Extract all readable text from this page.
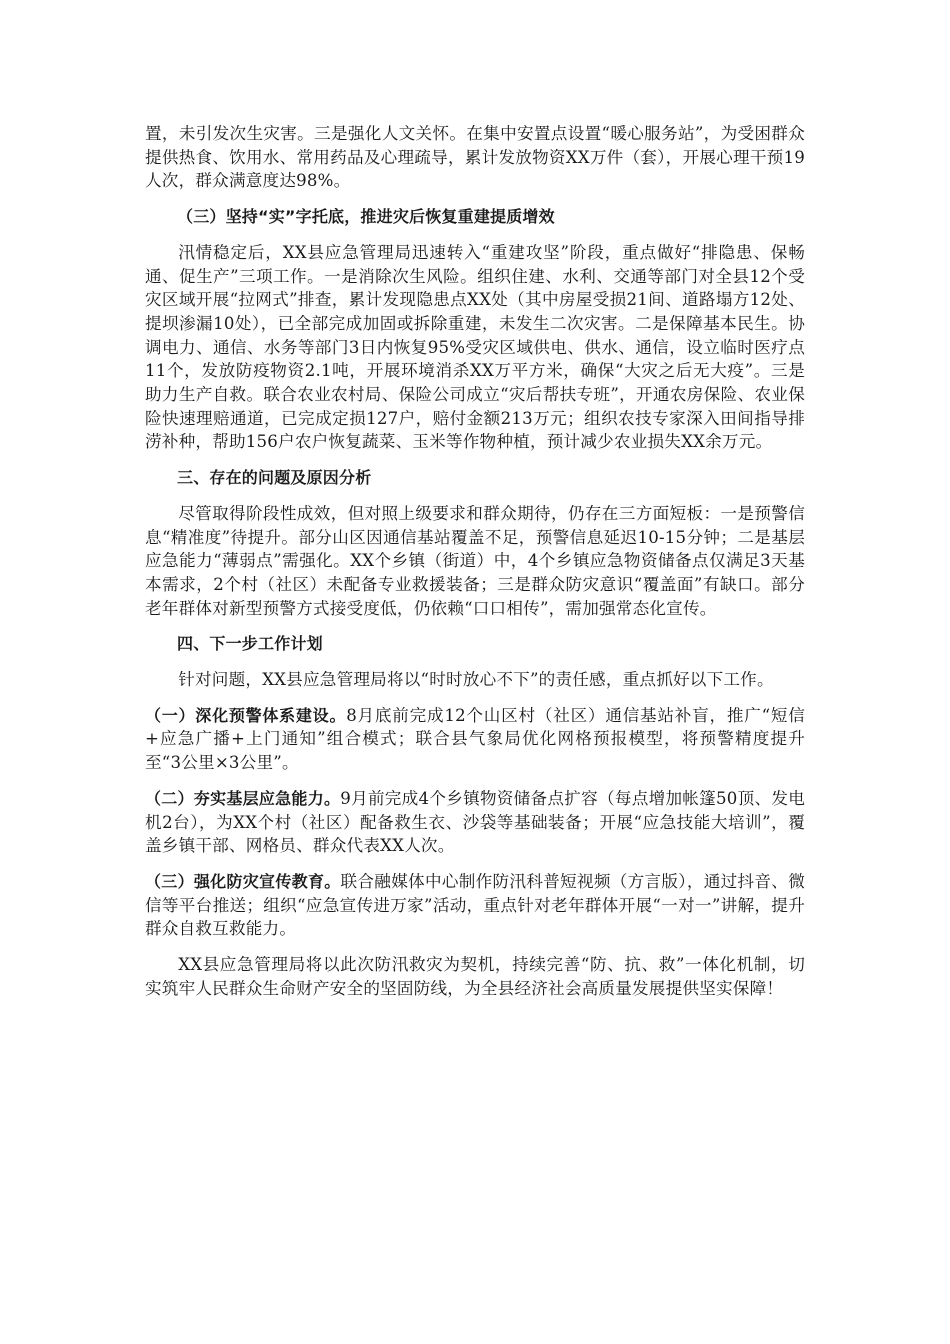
置，未引发次生灾害。三是强化人文关怀。在集中安置点设置“暖心服务站”，为受困群众提供热食、饮用水、常用药品及心理疏导，累计发放物资XX万件（套），开展心理干预19人次，群众满意度达98%。

（三）坚持“实”字托底，推进灾后恢复重建提质增效

汛情稳定后，XX县应急管理局迅速转入“重建攻坚”阶段，重点做好“排隐患、保畅通、促生产”三项工作。一是消除次生风险。组织住建、水利、交通等部门对全县12个受灾区域开展“拉网式”排查，累计发现隐患点XX处（其中房屋受损21间、道路塌方12处、提坝渗漏10处），已全部完成加固或拆除重建，未发生二次灾害。二是保障基本民生。协调电力、通信、水务等部门3日内恢复95%受灾区域供电、供水、通信，设立临时医疗点11个，发放防疫物资2.1吨，开展环境消杀XX万平方米，确保“大灾之后无大疫”。三是助力生产自救。联合农业农村局、保险公司成立“灾后帮扶专班”，开通农房保险、农业保险快速理赔通道，已完成定损127户，赔付金额213万元；组织农技专家深入田间指导排涝补种，帮助156户农户恢复蔬菜、玉米等作物种植，预计减少农业损失XX余万元。

三、存在的问题及原因分析

尽管取得阶段性成效，但对照上级要求和群众期待，仍存在三方面短板：一是预警信息“精准度”待提升。部分山区因通信基站覆盖不足，预警信息延迟10-15分钟；二是基层应急能力“薄弱点”需强化。XX个乡镇（街道）中，4个乡镇应急物资储备点仅满足3天基本需求，2个村（社区）未配备专业救援装备；三是群众防灾意识“覆盖面”有缺口。部分老年群体对新型预警方式接受度低，仍依赖“口口相传”，需加强常态化宣传。

四、下一步工作计划

针对问题，XX县应急管理局将以“时时放心不下”的责任感，重点抓好以下工作。

（一）深化预警体系建设。8月底前完成12个山区村（社区）通信基站补盲，推广“短信+应急广播+上门通知”组合模式；联合县气象局优化网格预报模型，将预警精度提升至“3公里×3公里”。

（二）夯实基层应急能力。9月前完成4个乡镇物资储备点扩容（每点增加帐篷50顶、发电机2台），为XX个村（社区）配备救生衣、沙袋等基础装备；开展“应急技能大培训”，覆盖乡镇干部、网格员、群众代表XX人次。

（三）强化防灾宣传教育。联合融媒体中心制作防汛科普短视频（方言版），通过抖音、微信等平台推送；组织“应急宣传进万家”活动，重点针对老年群体开展“一对一”讲解，提升群众自救互救能力。

XX县应急管理局将以此次防汛救灾为契机，持续完善“防、抗、救”一体化机制，切实筑牢人民群众生命财产安全的坚固防线，为全县经济社会高质量发展提供坚实保障！
